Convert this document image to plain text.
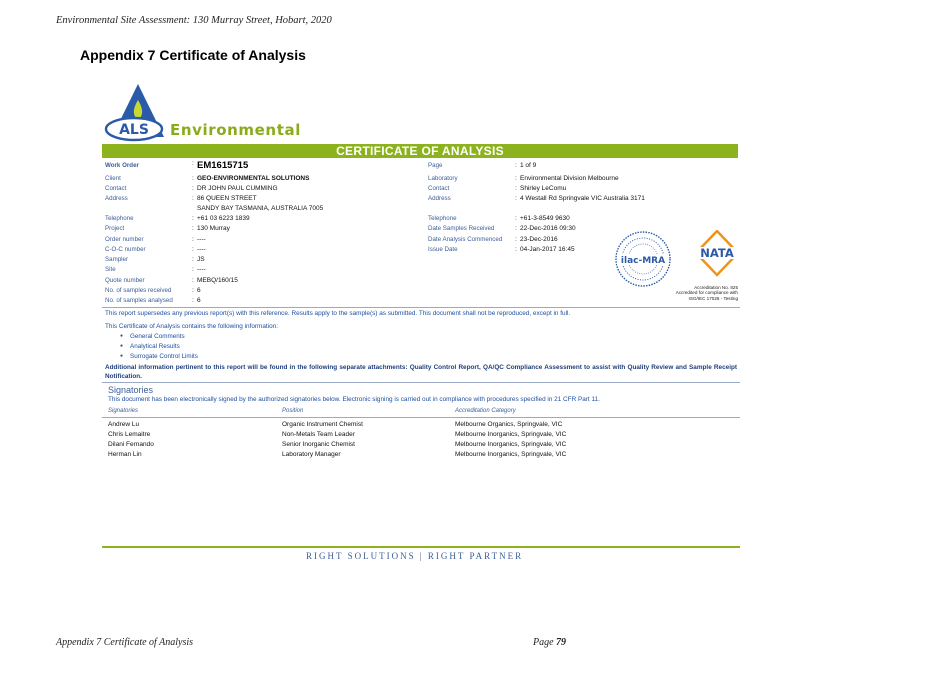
Environmental Site Assessment: 130 Murray Street, Hobart, 2020
Appendix 7 Certificate of Analysis
ALS Environmental
CERTIFICATE OF ANALYSIS
Work Order	: EM1615715
Client	: GEO-ENVIRONMENTAL SOLUTIONS
Contact	: DR JOHN PAUL CUMMING
Address	: 86 QUEEN STREET
SANDY BAY TASMANIA, AUSTRALIA 7005
Telephone	: +61 03 6223 1839
Project	: 130 Murray
Order number	: ----
C-O-C number	: ----
Sampler	: JS
Site	: ----
Quote number	: MEBQ/160/15
No. of samples received	: 6
No. of samples analysed	: 6
Page	: 1 of 9
Laboratory	: Environmental Division Melbourne
Contact	: Shirley LeComu
Address	: 4 Westall Rd Springvale VIC Australia 3171
Telephone	: +61-3-8549 9630
Date Samples Received	: 22-Dec-2016 09:30
Date Analysis Commenced : 23-Dec-2016
Issue Date	: 04-Jan-2017 16:45
ilac-MRA
NATA
Accreditation No. 825
Accredited for compliance with
ISO/IEC 17025 - Testing
This report supersedes any previous report(s) with this reference. Results apply to the sample(s) as submitted. This document shall not be reproduced, except in full.
This Certificate of Analysis contains the following information:
● General Comments
● Analytical Results
● Surrogate Control Limits
Additional information pertinent to this report will be found in the following separate attachments: Quality Control Report, QA/QC Compliance Assessment to assist with Quality Review and Sample Receipt Notification.
Signatories
This document has been electronically signed by the authorized signatories below. Electronic signing is carried out in compliance with procedures specified in 21 CFR Part 11.
Signatories	Position	Accreditation Category
Andrew Lu	Organic Instrument Chemist	Melbourne Organics, Springvale, VIC
Chris Lemaitre	Non-Metals Team Leader	Melbourne Inorganics, Springvale, VIC
Dilani Fernando	Senior Inorganic Chemist	Melbourne Inorganics, Springvale, VIC
Herman Lin	Laboratory Manager	Melbourne Inorganics, Springvale, VIC
RIGHT SOLUTIONS | RIGHT PARTNER
Appendix 7 Certificate of Analysis	Page 79
